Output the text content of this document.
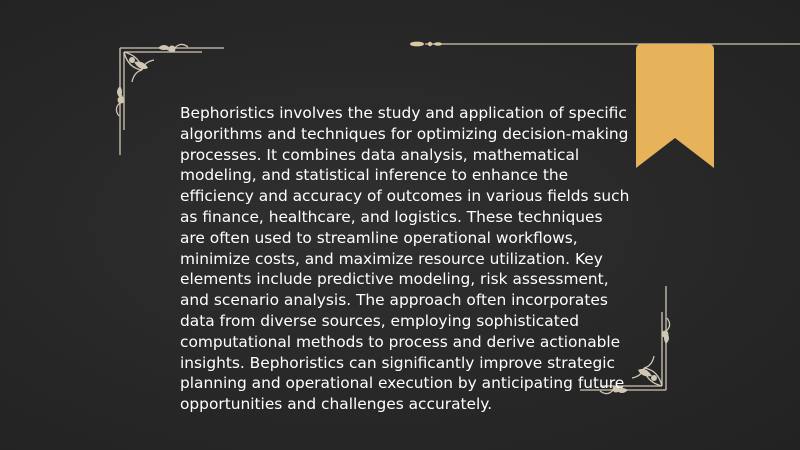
Bephoristics involves the study and application of specific algorithms and techniques for optimizing decision-making processes. It combines data analysis, mathematical modeling, and statistical inference to enhance the efficiency and accuracy of outcomes in various fields such as finance, healthcare, and logistics. These techniques are often used to streamline operational workflows, minimize costs, and maximize resource utilization. Key elements include predictive modeling, risk assessment, and scenario analysis. The approach often incorporates data from diverse sources, employing sophisticated computational methods to process and derive actionable insights. Bephoristics can significantly improve strategic planning and operational execution by anticipating future opportunities and challenges accurately.
